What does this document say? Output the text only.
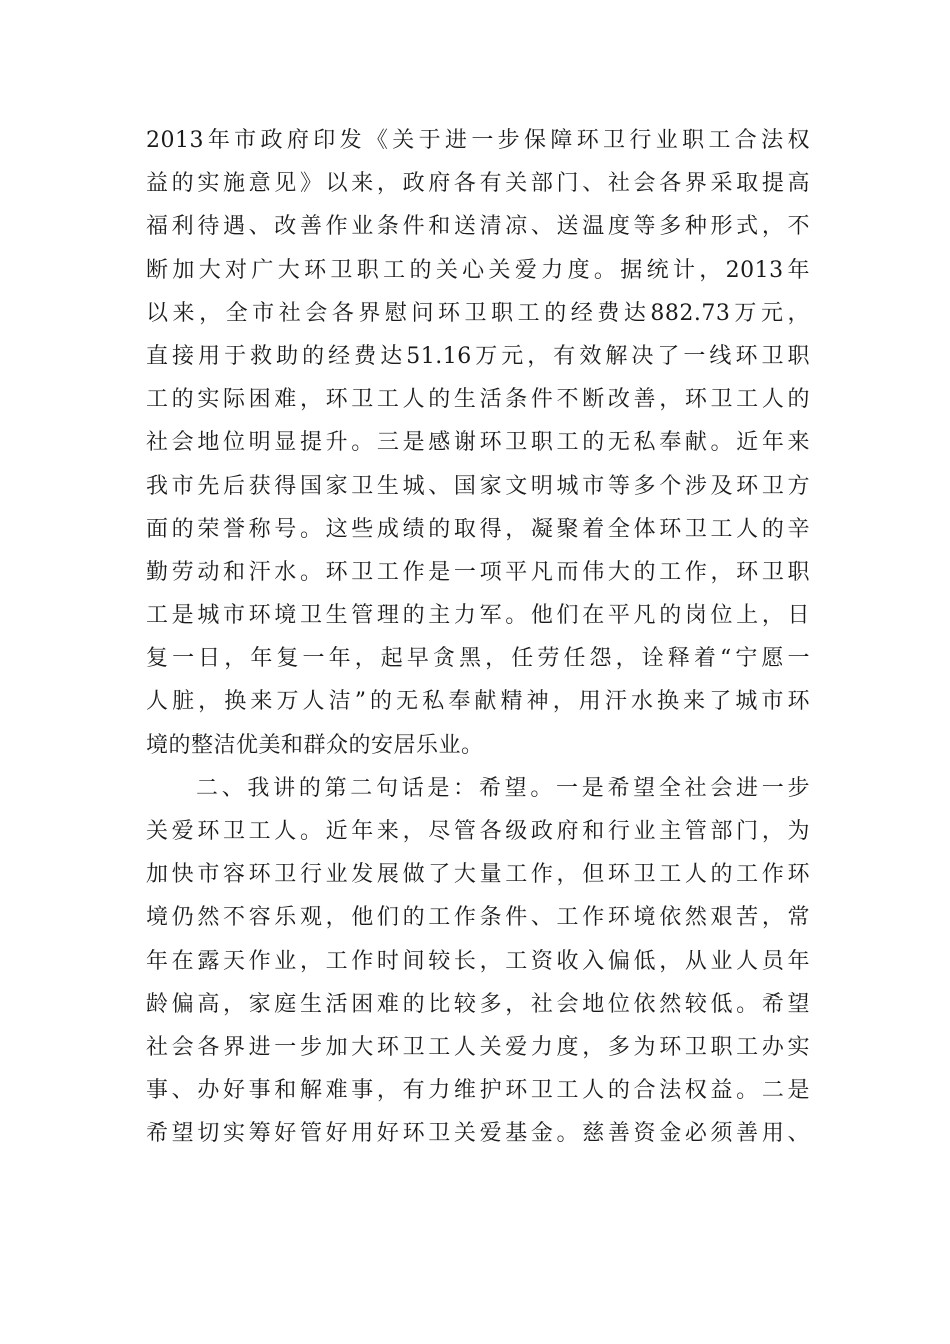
2013年市政府印发《关于进一步保障环卫行业职工合法权
益的实施意见》以来，政府各有关部门、社会各界采取提高
福利待遇、改善作业条件和送清凉、送温度等多种形式，不
断加大对广大环卫职工的关心关爱力度。据统计，2013年
以来，全市社会各界慰问环卫职工的经费达882.73万元，
直接用于救助的经费达51.16万元，有效解决了一线环卫职
工的实际困难，环卫工人的生活条件不断改善，环卫工人的
社会地位明显提升。三是感谢环卫职工的无私奉献。近年来
我市先后获得国家卫生城、国家文明城市等多个涉及环卫方
面的荣誉称号。这些成绩的取得，凝聚着全体环卫工人的辛
勤劳动和汗水。环卫工作是一项平凡而伟大的工作，环卫职
工是城市环境卫生管理的主力军。他们在平凡的岗位上，日
复一日，年复一年，起早贪黑，任劳任怨，诠释着“宁愿一
人脏，换来万人洁”的无私奉献精神，用汗水换来了城市环
境的整洁优美和群众的安居乐业。
二、我讲的第二句话是：希望。一是希望全社会进一步
关爱环卫工人。近年来，尽管各级政府和行业主管部门，为
加快市容环卫行业发展做了大量工作，但环卫工人的工作环
境仍然不容乐观，他们的工作条件、工作环境依然艰苦，常
年在露天作业，工作时间较长，工资收入偏低，从业人员年
龄偏高，家庭生活困难的比较多，社会地位依然较低。希望
社会各界进一步加大环卫工人关爱力度，多为环卫职工办实
事、办好事和解难事，有力维护环卫工人的合法权益。二是
希望切实筹好管好用好环卫关爱基金。慈善资金必须善用、
